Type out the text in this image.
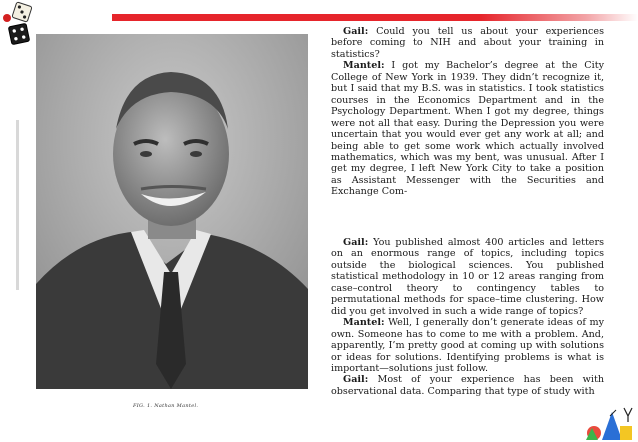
FIG. 1. Nathan Mantel.

Gail: Could you tell us about your experiences before coming to NIH and about your training in statistics?

Mantel: I got my Bachelor’s degree at the City College of New York in 1939. They didn’t recognize it, but I said that my B.S. was in statistics. I took statistics courses in the Economics Department and in the Psychology Department. When I got my degree, things were not all that easy. During the Depression you were uncertain that you would ever get any work at all; and being able to get some work which actually involved mathematics, which was my bent, was unusual. After I get my degree, I left New York City to take a position as Assistant Messenger with the Securities and Exchange Com-

Gail: You published almost 400 articles and letters on an enormous range of topics, including topics outside the biological sciences. You published statistical methodology in 10 or 12 areas ranging from case–control theory to contingency tables to permutational methods for space–time clustering. How did you get involved in such a wide range of topics?

Mantel: Well, I generally don’t generate ideas of my own. Someone has to come to me with a problem. And, apparently, I’m pretty good at coming up with solutions or ideas for solutions. Identifying problems is what is important—solutions just follow.

Gail: Most of your experience has been with observational data. Comparing that type of study with
